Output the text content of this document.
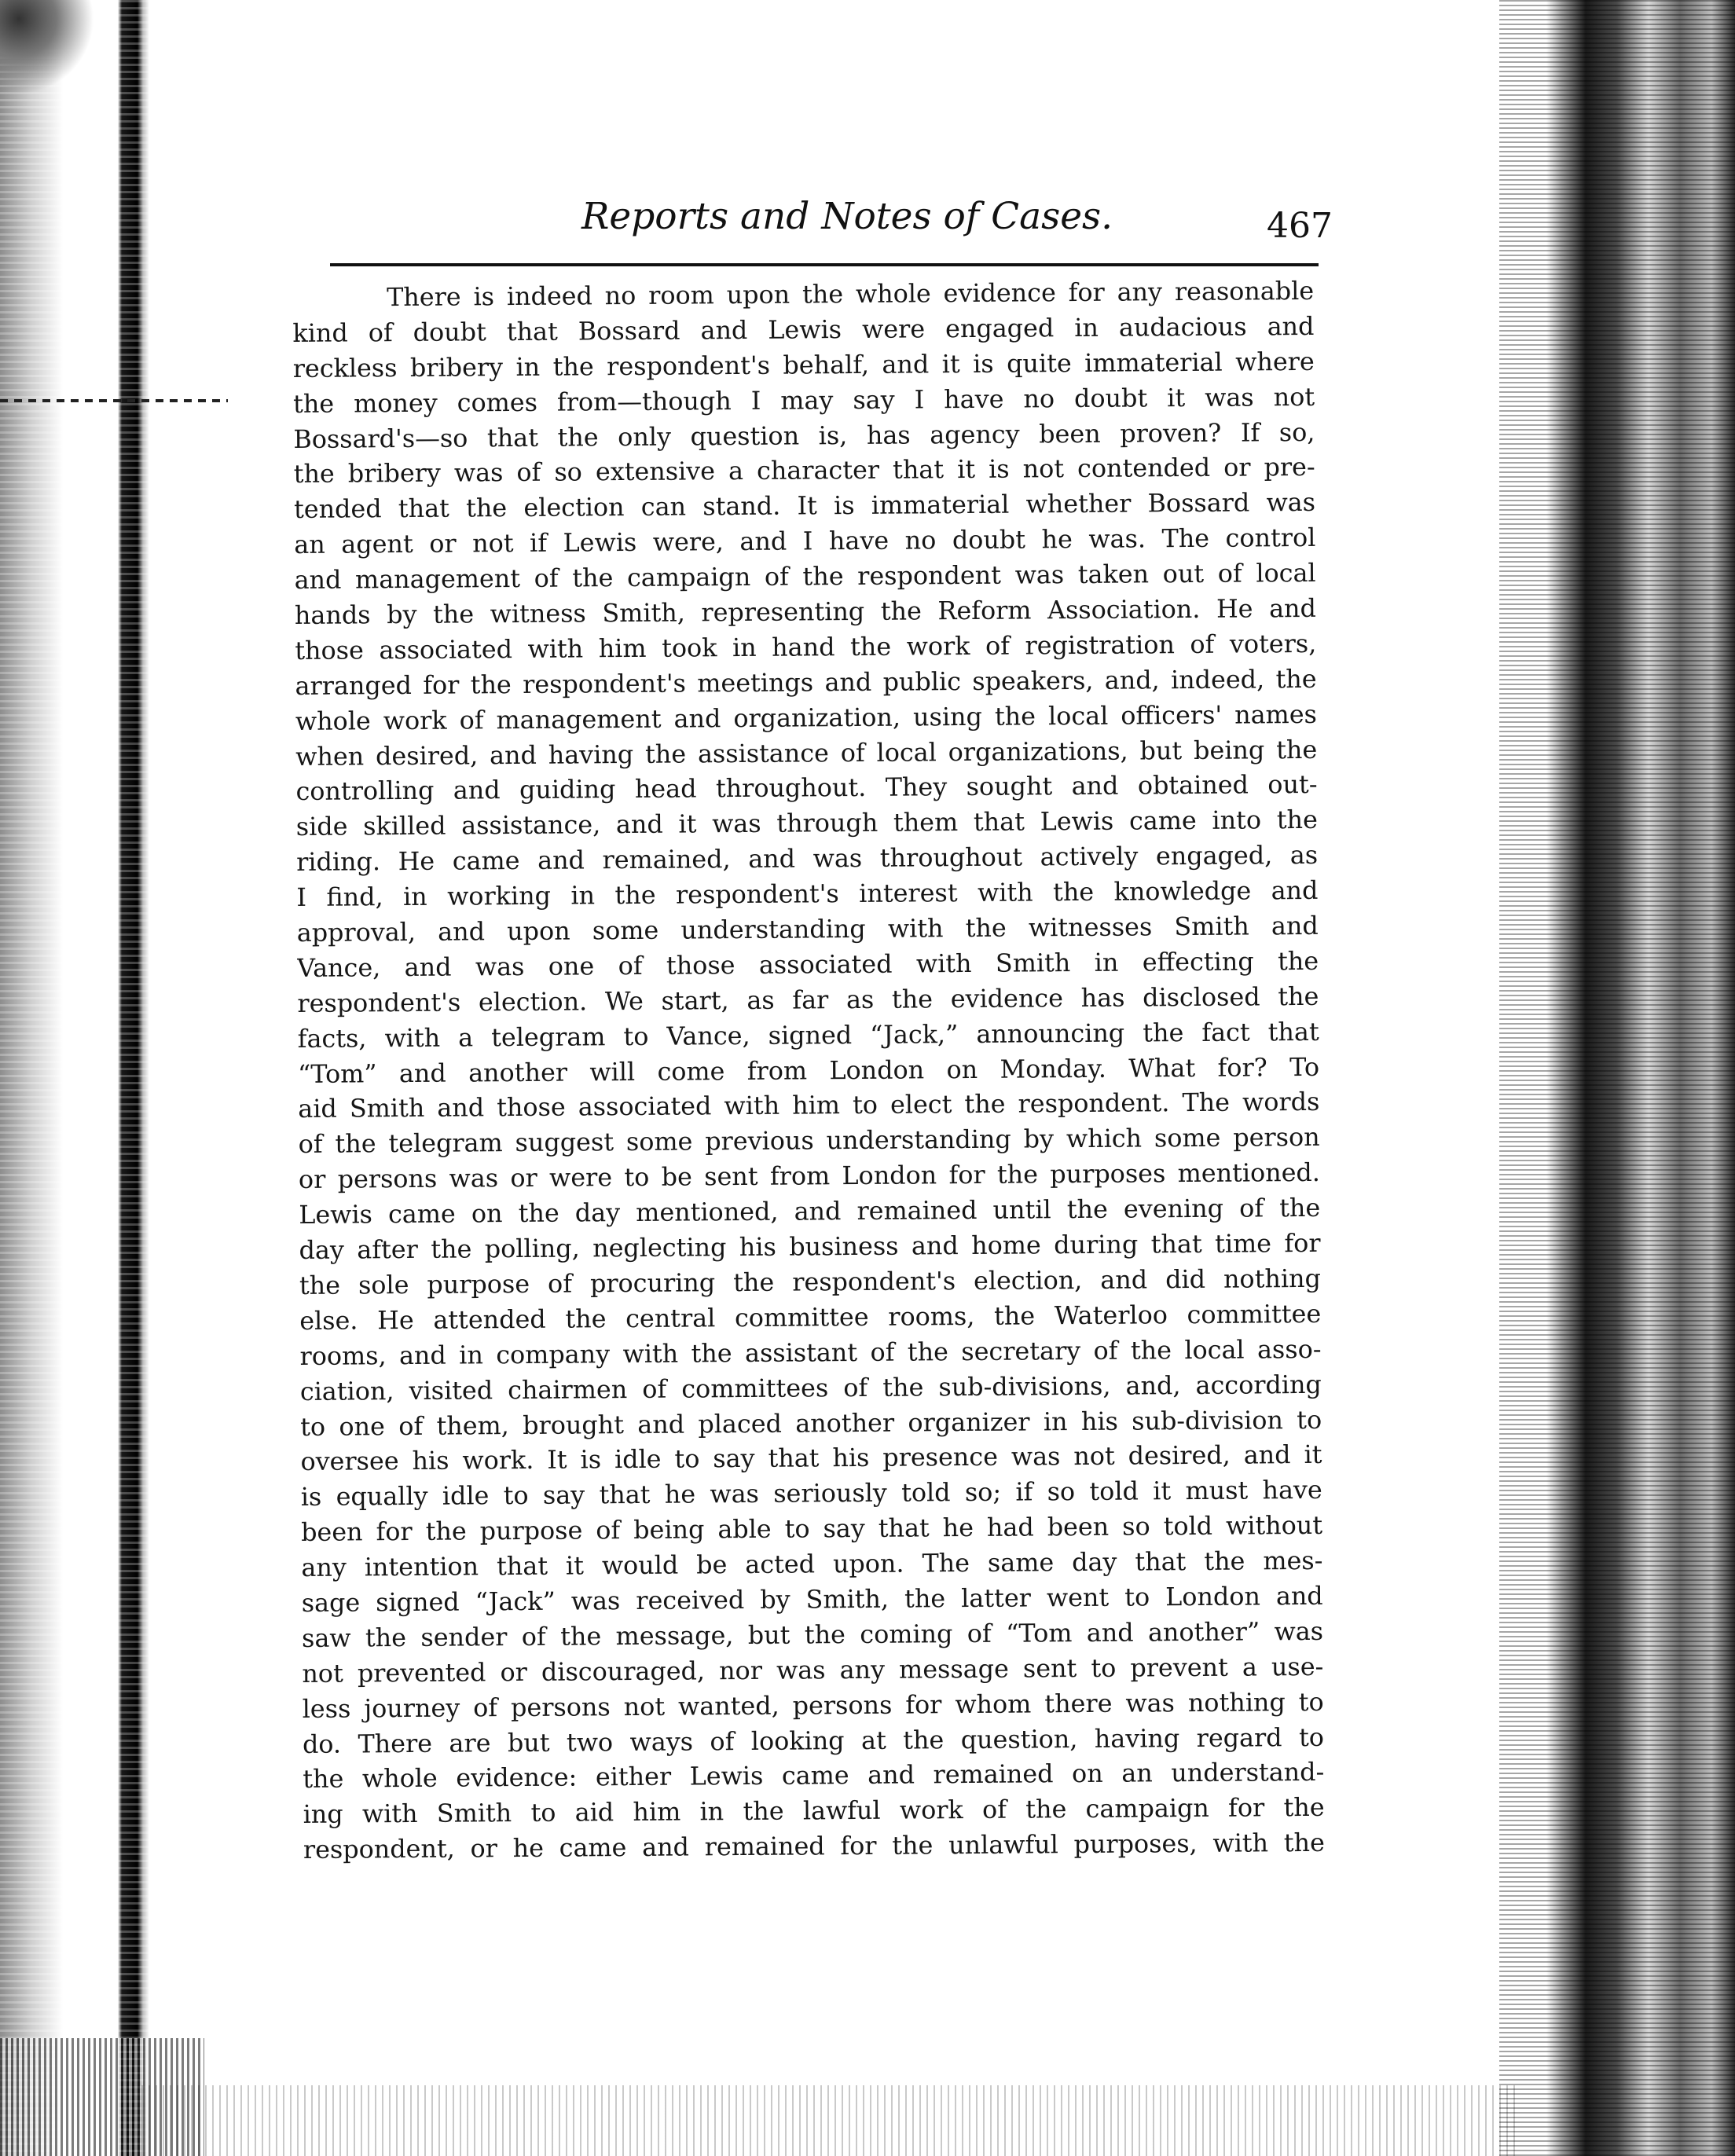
Reports and Notes of Cases.	467
There is indeed no room upon the whole evidence for any reasonable
kind of doubt that Bossard and Lewis were engaged in audacious and
reckless bribery in the respondent's behalf, and it is quite immaterial where
the money comes from—though I may say I have no doubt it was not
Bossard's—so that the only question is, has agency been proven? If so,
the bribery was of so extensive a character that it is not contended or pre-
tended that the election can stand. It is immaterial whether Bossard was
an agent or not if Lewis were, and I have no doubt he was. The control
and management of the campaign of the respondent was taken out of local
hands by the witness Smith, representing the Reform Association. He and
those associated with him took in hand the work of registration of voters,
arranged for the respondent's meetings and public speakers, and, indeed, the
whole work of management and organization, using the local officers' names
when desired, and having the assistance of local organizations, but being the
controlling and guiding head throughout. They sought and obtained out-
side skilled assistance, and it was through them that Lewis came into the
riding. He came and remained, and was throughout actively engaged, as
I find, in working in the respondent's interest with the knowledge and
approval, and upon some understanding with the witnesses Smith and
Vance, and was one of those associated with Smith in effecting the
respondent's election. We start, as far as the evidence has disclosed the
facts, with a telegram to Vance, signed “Jack,” announcing the fact that
“Tom” and another will come from London on Monday. What for? To
aid Smith and those associated with him to elect the respondent. The words
of the telegram suggest some previous understanding by which some person
or persons was or were to be sent from London for the purposes mentioned.
Lewis came on the day mentioned, and remained until the evening of the
day after the polling, neglecting his business and home during that time for
the sole purpose of procuring the respondent's election, and did nothing
else. He attended the central committee rooms, the Waterloo committee
rooms, and in company with the assistant of the secretary of the local asso-
ciation, visited chairmen of committees of the sub-divisions, and, according
to one of them, brought and placed another organizer in his sub-division to
oversee his work. It is idle to say that his presence was not desired, and it
is equally idle to say that he was seriously told so; if so told it must have
been for the purpose of being able to say that he had been so told without
any intention that it would be acted upon. The same day that the mes-
sage signed “Jack” was received by Smith, the latter went to London and
saw the sender of the message, but the coming of “Tom and another” was
not prevented or discouraged, nor was any message sent to prevent a use-
less journey of persons not wanted, persons for whom there was nothing to
do. There are but two ways of looking at the question, having regard to
the whole evidence: either Lewis came and remained on an understand-
ing with Smith to aid him in the lawful work of the campaign for the
respondent, or he came and remained for the unlawful purposes, with the
